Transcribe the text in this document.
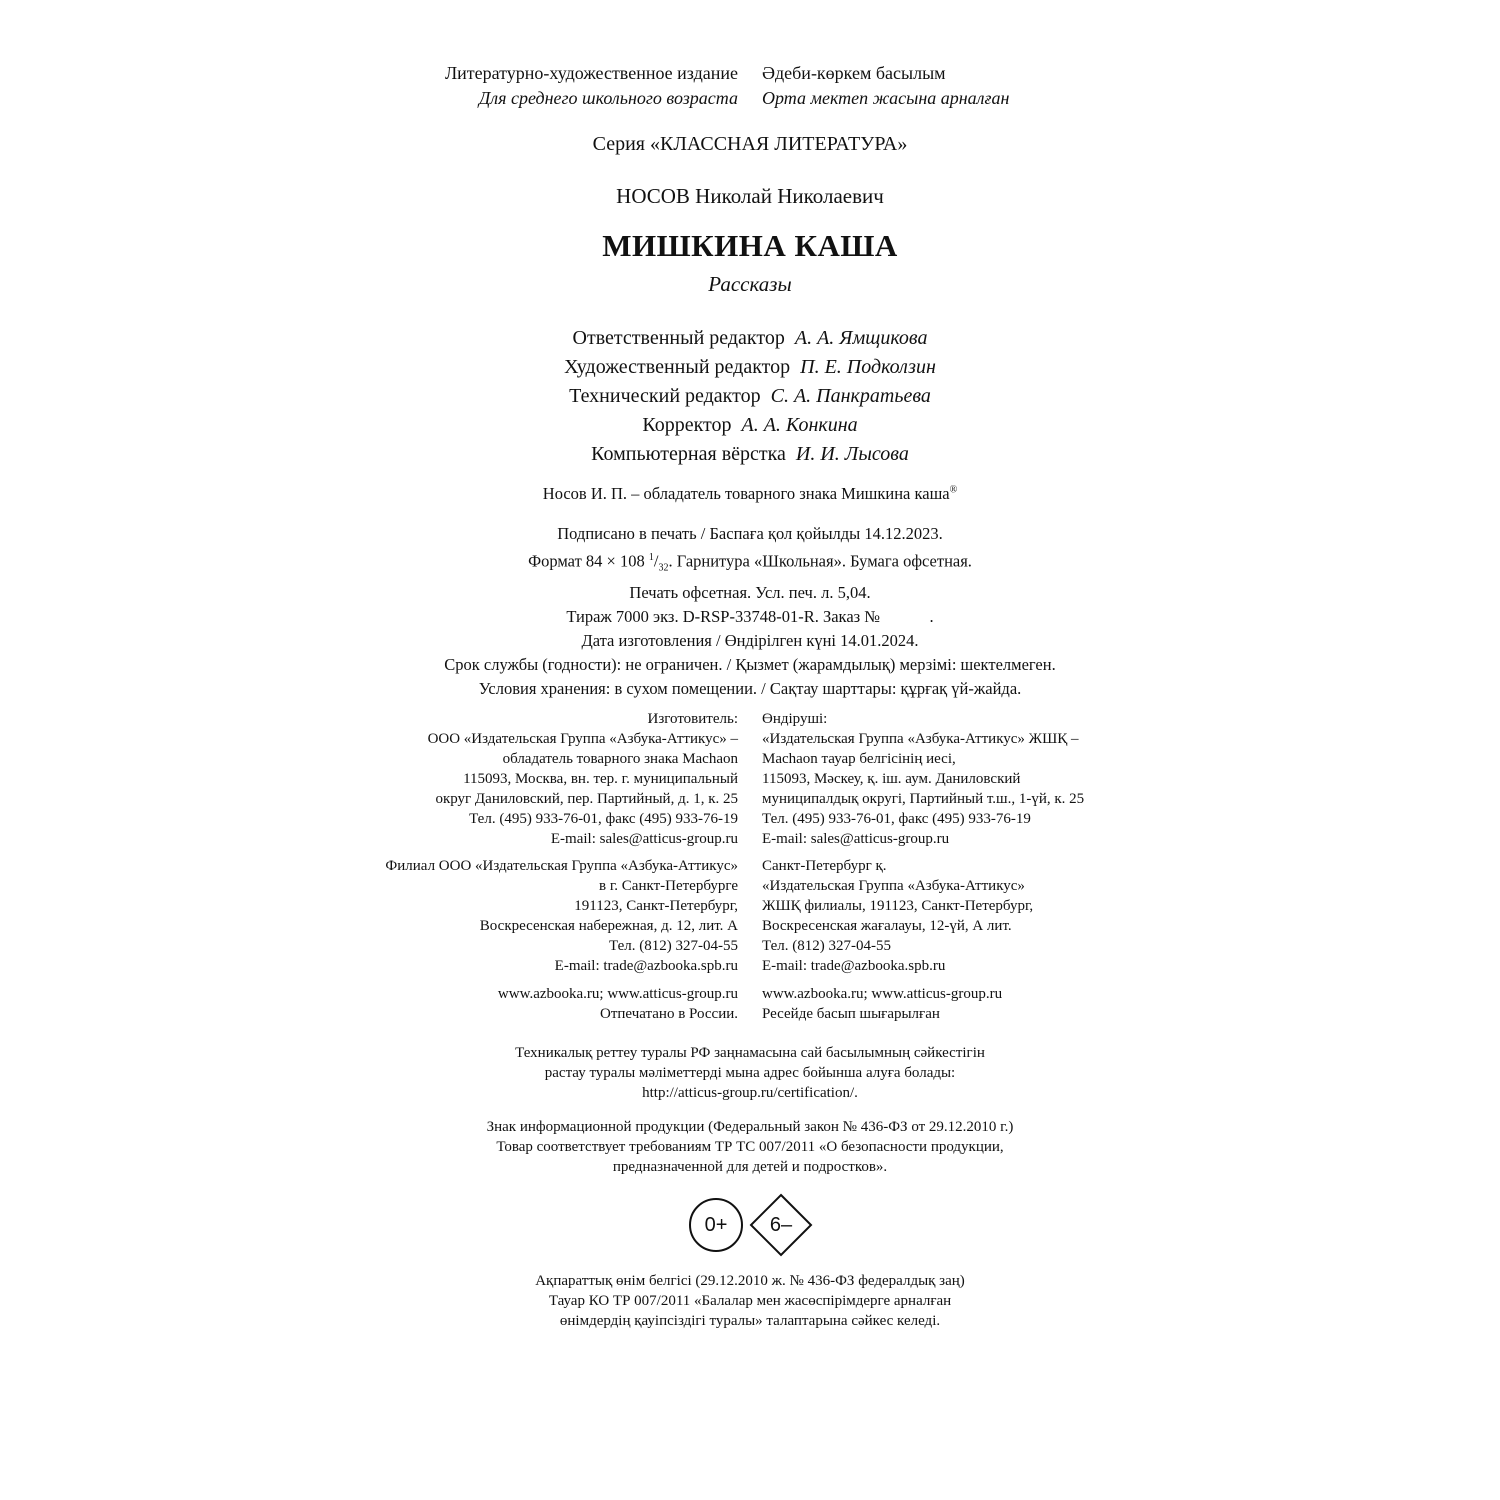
Литературно-художественное издание
Для среднего школьного возраста
Әдеби-көркем басылым
Орта мектеп жасына арналған
Серия «КЛАССНАЯ ЛИТЕРАТУРА»
НОСОВ Николай Николаевич
МИШКИНА КАША
Рассказы
Ответственный редактор А. А. Ямщикова
Художественный редактор П. Е. Подколзин
Технический редактор С. А. Панкратьева
Корректор А. А. Конкина
Компьютерная вёрстка И. И. Лысова
Носов И. П. – обладатель товарного знака Мишкина каша®
Подписано в печать / Баспаға қол қойылды 14.12.2023.
Формат 84 × 108 $^1/_{32}$. Гарнитура «Школьная». Бумага офсетная.
Печать офсетная. Усл. печ. л. 5,04.
Тираж 7000 экз. D-RSP-33748-01-R. Заказ №            .
Дата изготовления / Өндірілген күні 14.01.2024.
Срок службы (годности): не ограничен. / Қызмет (жарамдылық) мерзімі: шектелмеген.
Условия хранения: в сухом помещении. / Сақтау шарттары: құрғақ үй-жайда.
Изготовитель:
ООО «Издательская Группа «Азбука-Аттикус» –
обладатель товарного знака Machaon
115093, Москва, вн. тер. г. муниципальный
округ Даниловский, пер. Партийный, д. 1, к. 25
Тел. (495) 933-76-01, факс (495) 933-76-19
E-mail: sales@atticus-group.ru
Өндіруші:
«Издательская Группа «Азбука-Аттикус» ЖШҚ –
Machaon тауар белгісінің иесі,
115093, Мәскеу, қ. іш. аум. Даниловский
муниципалдық округі, Партийный т.ш., 1-үй, к. 25
Тел. (495) 933-76-01, факс (495) 933-76-19
E-mail: sales@atticus-group.ru
Филиал ООО «Издательская Группа «Азбука-Аттикус»
в г. Санкт-Петербурге
191123, Санкт-Петербург,
Воскресенская набережная, д. 12, лит. А
Тел. (812) 327-04-55
E-mail: trade@azbooka.spb.ru
Санкт-Петербург қ.
«Издательская Группа «Азбука-Аттикус»
ЖШҚ филиалы, 191123, Санкт-Петербург,
Воскресенская жағалауы, 12-үй, А лит.
Тел. (812) 327-04-55
E-mail: trade@azbooka.spb.ru
www.azbooka.ru; www.atticus-group.ru
Отпечатано в России.
www.azbooka.ru; www.atticus-group.ru
Ресейде басып шығарылған
Техникалық реттеу туралы РФ заңнамасына сай басылымның сәйкестігін
растау туралы мәліметтерді мына адрес бойынша алуға болады:
http://atticus-group.ru/certification/.
Знак информационной продукции (Федеральный закон № 436-ФЗ от 29.12.2010 г.)
Товар соответствует требованиям ТР ТС 007/2011 «О безопасности продукции,
предназначенной для детей и подростков».
0+	6–
Ақпараттық өнім белгісі (29.12.2010 ж. № 436-ФЗ федералдық заң)
Тауар КО ТР 007/2011 «Балалар мен жасөспірімдерге арналған
өнімдердің қауіпсіздігі туралы» талаптарына сәйкес келеді.
